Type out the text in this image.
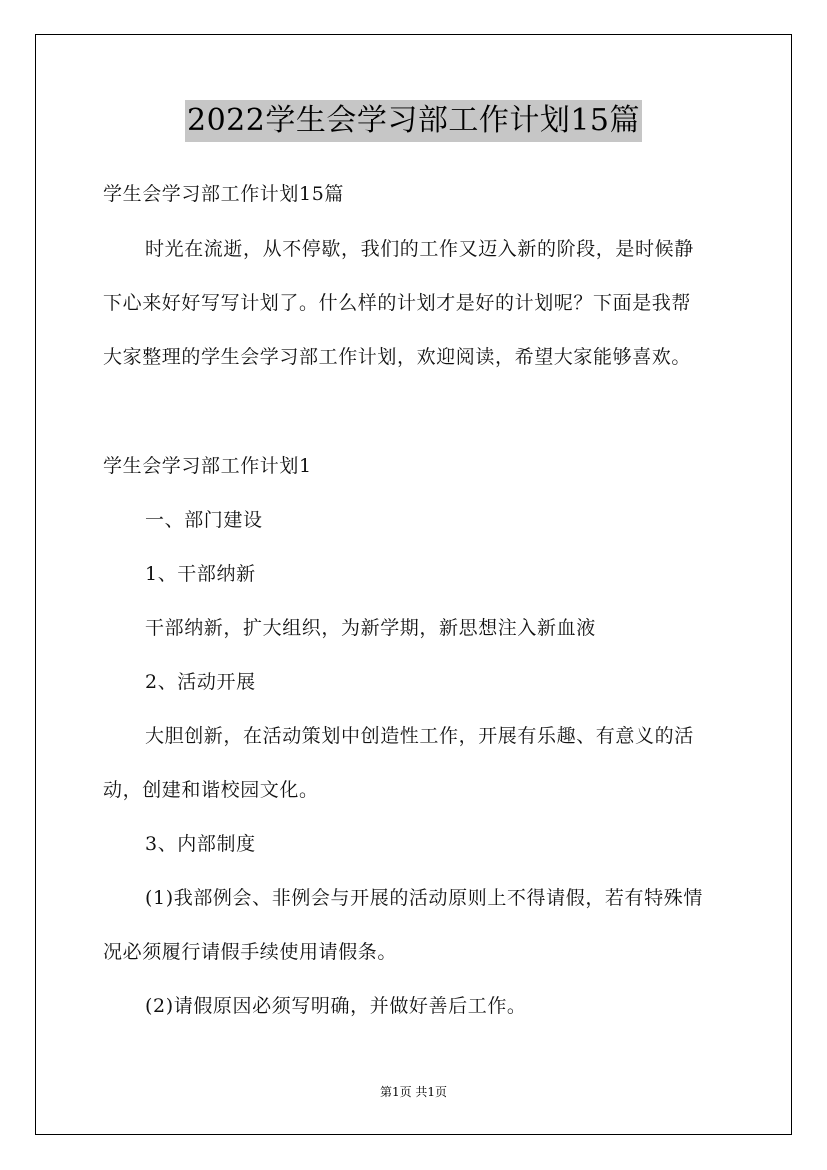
2022学生会学习部工作计划15篇
学生会学习部工作计划15篇
时光在流逝，从不停歇，我们的工作又迈入新的阶段，是时候静
下心来好好写写计划了。什么样的计划才是好的计划呢？下面是我帮
大家整理的学生会学习部工作计划，欢迎阅读，希望大家能够喜欢。
学生会学习部工作计划1
一、部门建设
1、干部纳新
干部纳新，扩大组织，为新学期，新思想注入新血液
2、活动开展
大胆创新，在活动策划中创造性工作，开展有乐趣、有意义的活
动，创建和谐校园文化。
3、内部制度
(1)我部例会、非例会与开展的活动原则上不得请假，若有特殊情
况必须履行请假手续使用请假条。
(2)请假原因必须写明确，并做好善后工作。
第1页 共1页
